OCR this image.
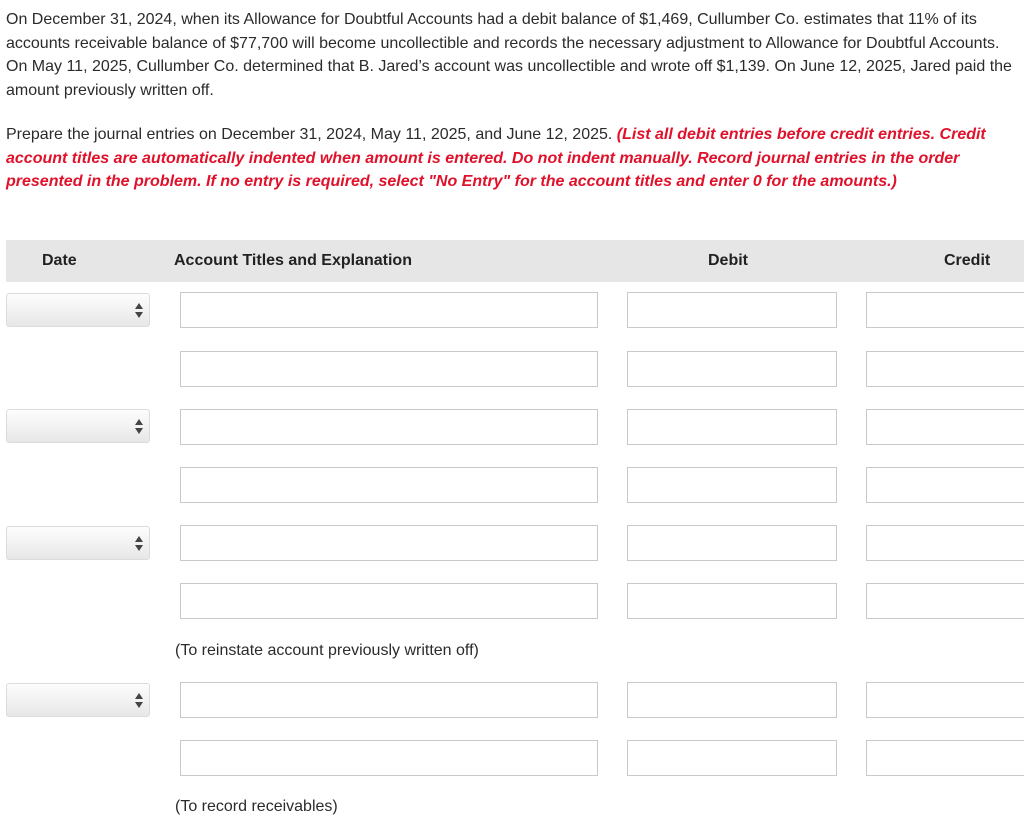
On December 31, 2024, when its Allowance for Doubtful Accounts had a debit balance of $1,469, Cullumber Co. estimates that 11% of its accounts receivable balance of $77,700 will become uncollectible and records the necessary adjustment to Allowance for Doubtful Accounts. On May 11, 2025, Cullumber Co. determined that B. Jared’s account was uncollectible and wrote off $1,139. On June 12, 2025, Jared paid the amount previously written off.

Prepare the journal entries on December 31, 2024, May 11, 2025, and June 12, 2025. (List all debit entries before credit entries. Credit account titles are automatically indented when amount is entered. Do not indent manually. Record journal entries in the order presented in the problem. If no entry is required, select "No Entry" for the account titles and enter 0 for the amounts.)

Date	Account Titles and Explanation	Debit	Credit
(To reinstate account previously written off)
(To record receivables)
